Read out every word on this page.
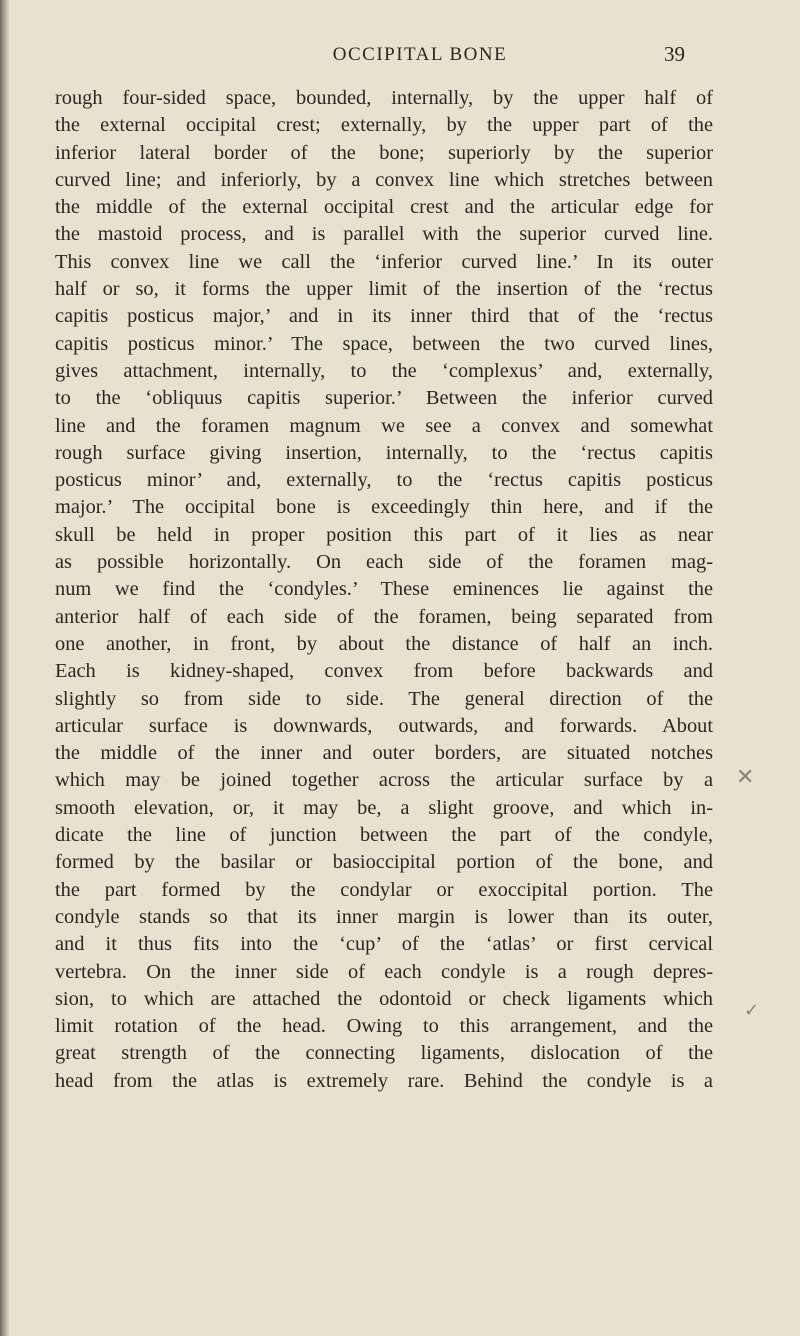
OCCIPITAL BONE	39
rough four-sided space, bounded, internally, by the upper half of
the external occipital crest; externally, by the upper part of the
inferior lateral border of the bone; superiorly by the superior
curved line; and inferiorly, by a convex line which stretches between
the middle of the external occipital crest and the articular edge for
the mastoid process, and is parallel with the superior curved line.
This convex line we call the ‘inferior curved line.’ In its outer
half or so, it forms the upper limit of the insertion of the ‘rectus
capitis posticus major,’ and in its inner third that of the ‘rectus
capitis posticus minor.’ The space, between the two curved lines,
gives attachment, internally, to the ‘complexus’ and, externally,
to the ‘obliquus capitis superior.’ Between the inferior curved
line and the foramen magnum we see a convex and somewhat
rough surface giving insertion, internally, to the ‘rectus capitis
posticus minor’ and, externally, to the ‘rectus capitis posticus
major.’ The occipital bone is exceedingly thin here, and if the
skull be held in proper position this part of it lies as near
as possible horizontally. On each side of the foramen mag-
num we find the ‘condyles.’ These eminences lie against the
anterior half of each side of the foramen, being separated from
one another, in front, by about the distance of half an inch.
Each is kidney-shaped, convex from before backwards and
slightly so from side to side. The general direction of the
articular surface is downwards, outwards, and forwards. About
the middle of the inner and outer borders, are situated notches
which may be joined together across the articular surface by a
smooth elevation, or, it may be, a slight groove, and which in-
dicate the line of junction between the part of the condyle,
formed by the basilar or basioccipital portion of the bone, and
the part formed by the condylar or exoccipital portion. The
condyle stands so that its inner margin is lower than its outer,
and it thus fits into the ‘cup’ of the ‘atlas’ or first cervical
vertebra. On the inner side of each condyle is a rough depres-
sion, to which are attached the odontoid or check ligaments which
limit rotation of the head. Owing to this arrangement, and the
great strength of the connecting ligaments, dislocation of the
head from the atlas is extremely rare. Behind the condyle is a
✕
✓
